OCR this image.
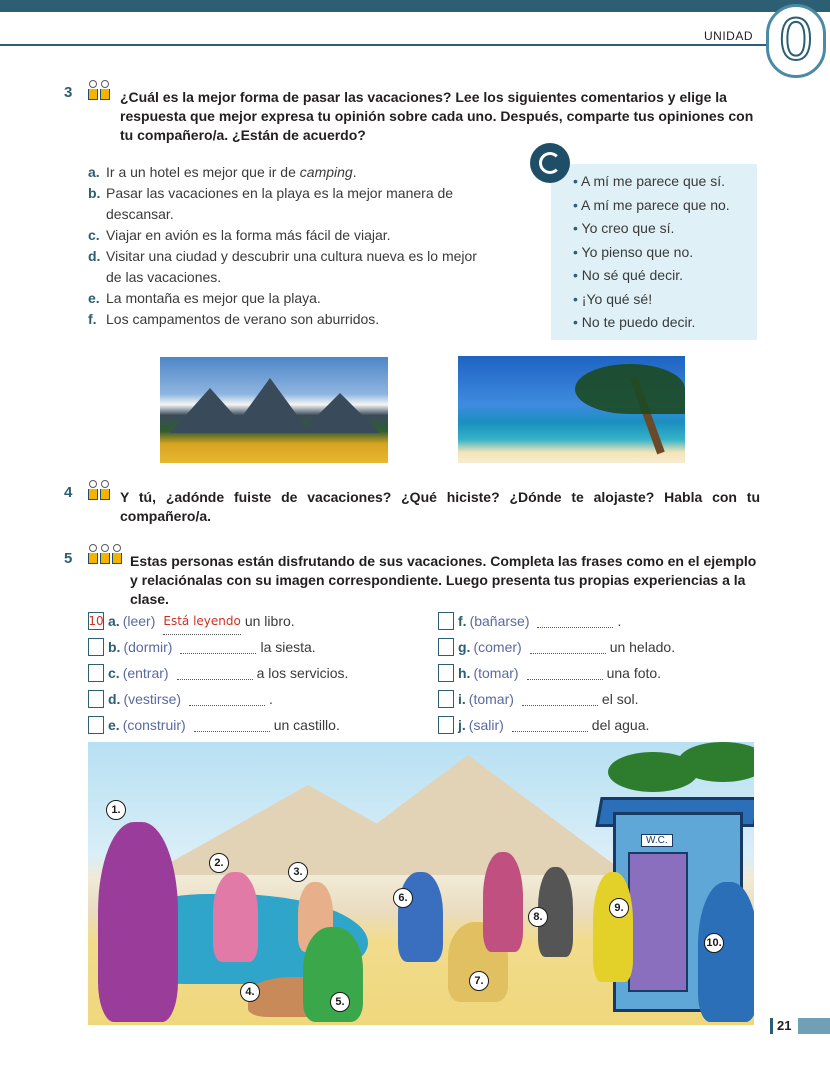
UNIDAD 0
3	¿Cuál es la mejor forma de pasar las vacaciones? Lee los siguientes comentarios y elige la respuesta que mejor expresa tu opinión sobre cada uno. Después, comparte tus opiniones con tu compañero/a. ¿Están de acuerdo?
a. Ir a un hotel es mejor que ir de camping.
b. Pasar las vacaciones en la playa es la mejor manera de descansar.
c. Viajar en avión es la forma más fácil de viajar.
d. Visitar una ciudad y descubrir una cultura nueva es lo mejor de las vacaciones.
e. La montaña es mejor que la playa.
f. Los campamentos de verano son aburridos.
• A mí me parece que sí.
• A mí me parece que no.
• Yo creo que sí.
• Yo pienso que no.
• No sé qué decir.
• ¡Yo qué sé!
• No te puedo decir.
4	Y tú, ¿adónde fuiste de vacaciones? ¿Qué hiciste? ¿Dónde te alojaste? Habla con tu compañero/a.
5	Estas personas están disfrutando de sus vacaciones. Completa las frases como en el ejemplo y relaciónalas con su imagen correspondiente. Luego presenta tus propias experiencias a la clase.
10 a. (leer) Está leyendo un libro.
b. (dormir)	la siesta.
c. (entrar)	a los servicios.
d. (vestirse)	.
e. (construir)	un castillo.
f. (bañarse)	.
g. (comer)	un helado.
h. (tomar)	una foto.
i. (tomar)	el sol.
j. (salir)	del agua.
W.C.
1.
2.
3.
4.
5.
6.
7.
8.
9.
10.
21
